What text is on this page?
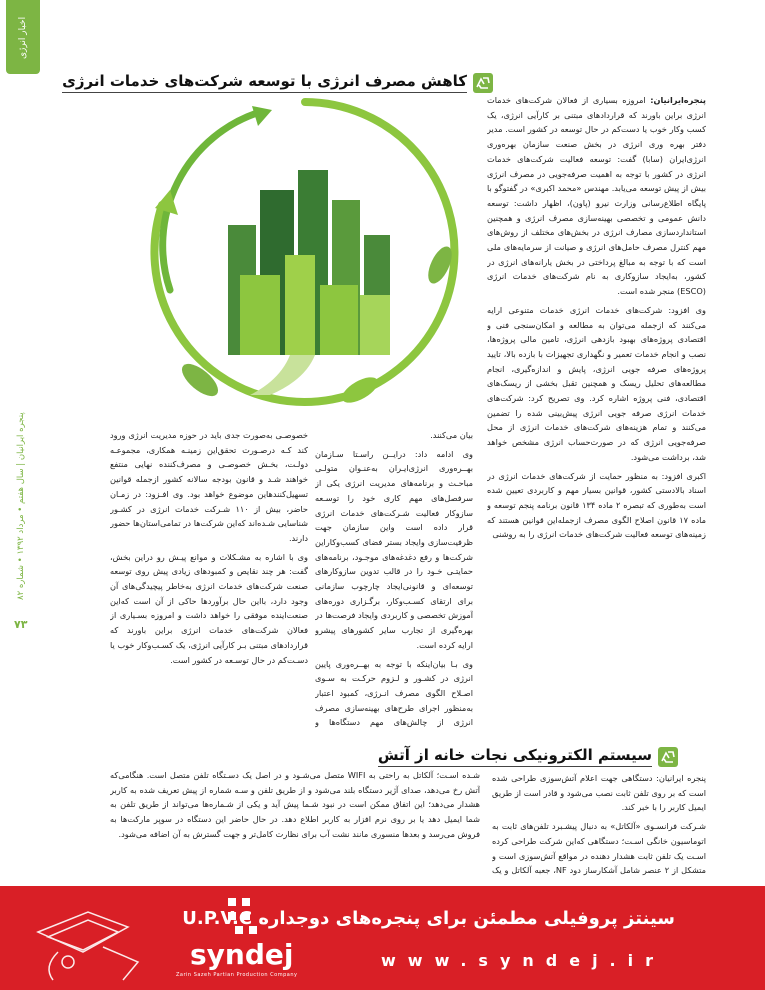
اخبار انرژی
پنجره ایرانیان | سال هفتم • مرداد ۱۳۹۲ • شماره ۸۲
۷۳
کاهش مصرف انرژی با توسعه شرکت‌های خدمات انرژی

پنجره‌ایرانیان: امروزه بسیاری از فعالان شرکت‌های خدمات انرژی براین باورند که قراردادهای مبتنی بر کارآیی انرژی، یک کسب وکار خوب یا دست‌کم در حال توسعه در کشور است. مدیر دفتر بهره وری انرژی در بخش صنعت سازمان بهره‌وری انرژی‌ایران (سابا) گفت: توسعه فعالیت شرکت‌های خدمات انرژی در کشور با توجه به اهمیت صرفه‌جویی در مصرف انرژی بیش از پیش توسعه می‌یابد. مهندس «محمد اکبری» در گفتوگو با پایگاه اطلاع‌رسانی وزارت نیرو (پاون)، اظهار داشت: توسعه دانش عمومی و تخصصی بهینه‌سازی مصرف انرژی و همچنین استانداردسازی مصارف انرژی در بخش‌های مختلف از روش‌های مهم کنترل مصرف حامل‌های انرژی و صیانت از سرمایه‌های ملی است که با توجه به مبالغ پرداختی در بخش یارانه‌های انرژی در کشور، به‌ایجاد سازوکاری به نام شرکت‌های خدمات انرژی (ESCO) منجر شده است.

وی افزود: شرکت‌های خدمات انرژی خدمات متنوعی ارایه می‌کنند که ازجمله می‌توان به مطالعه و امکان‌سنجی فنی و اقتصادی پروژه‌های بهبود بازدهی انرژی، تامین مالی پروژه‌ها، نصب و انجام خدمات تعمیر و نگهداری تجهیزات با بازده بالا، تایید پروژه‌های صرفه جویی انرژی، پایش و اندازه‌گیری، انجام مطالعه‌های تحلیل ریسک و همچنین تقبل بخشی از ریسک‌های اقتصادی، فنی پروژه اشاره کرد. وی تصریح کرد: شرکت‌های خدمات انرژی صرفه جویی انرژی پیش‌بینی شده را تضمین می‌کنند و تمام هزینه‌های شرکت‌های خدمات انرژی از محل صرفه‌جویی انرژی که در صورت‌حساب انرژی مشخص خواهد شد، برداشت می‌شود.

اکبری افزود: به منظور حمایت از شرکت‌های خدمات انرژی در اسناد بالادستی کشور، قوانین بسیار مهم و کاربردی تعیین شده است به‌طوری که تبصره ۲ ماده ۱۳۴ قانون برنامه پنجم توسعه و ماده ۱۷ قانون اصلاح الگوی مصرف ازجمله‌این قوانین هستند که زمینه‌های توسعه فعالیت شرکت‌های خدمات انرژی را به روشنی

بیان می‌کنند.

وی ادامه داد: درایــن راسـتا سـازمان بهــره‌وری انرژی‌ایـران به‌عنـوان متولـی مباحـث و برنامه‌های مدیریت انرژی یکی از سرفصل‌های مهم کاری خود را توسـعه سازوکار فعالیت شـرکت‌های خدمات انرژی قرار داده است واین سازمان جهت ظرفیت‌سازی وایجاد بستر فضای کسب‌وکاراین شرکت‌ها و رفع دغدغه‌های موجـود، برنامه‌های حمایتـی خـود را در قالب تدوین سازوکارهای توسعه‌ای و قانونی‌ایجاد چارچوب سازمانی برای ارتقای کسـب‌وکار، برگـزاری دوره‌های آموزش تخصصی و کاربردی وایجاد فرصت‌ها در بهره‌گیری از تجارب سایر کشورهای پیشرو ارایه کرده است.

وی بـا بیان‌اینکه با توجه به بهــره‌وری پایین انرژی در کشـور و لـزوم حرکـت به سـوی اصـلاح الگوی مصرف انـرژی، کمبود اعتبار به‌منظور اجرای طرح‌های بهینه‌سازی مصرف انرژی از چالش‌های مهم دستگاه‌ها و

خصوصـی به‌صورت جدی باید در حوزه مدیریت انرژی ورود کند کـه درصـورت تحقق‌این زمینـه همکاری، مجموعـه دولـت، بخـش خصوصـی و مصرف‌کننده نهایی منتفع خواهند شـد و قانون بودجه سالانه کشور ازجمله قوانین تسهیل‌کنندهاین موضوع خواهد بود. وی افـزود: در زمـان حاضر، بیش از ۱۱۰ شـرکت خدمات انرژی در کشـور شناسایی شـده‌اند که‌این شرکت‌ها در تمامی‌استان‌ها حضور دارند.

وی با اشاره به مشـکلات و موانع پیـش رو دراین بخش، گفت: هر چند نقایص و کمبودهای زیادی پیش روی توسعه صنعت شرکت‌های خدمات انرژی به‌خاطر پیچیدگی‌های آن وجود دارد، بااین حال برآوردها حاکی از آن است که‌این صنعت‌اینده موفقی را خواهد داشت و امروزه بسـیاری از فعالان شرکت‌های خدمات انرژی براین باورند که قراردادهای مبتنی بـر کارآیی انرژی، یک کسـب‌وکار خوب یا دسـت‌کم در حال توسـعه در کشور است.

سیستم الکترونیکی نجات خانه از آتش

پنجره ایرانیان: دستگاهی جهت اعلام آتش‌سوزی طراحی شده است که بر روی تلفن ثابت نصب می‌شود و قادر است از طریق ایمیل کاربر را با خبر کند.

شـرکت فرانسـوی «آلکاتل» به دنبال پیشـبرد تلفن‌های ثابت به اتوماسیون خانگی اسـت؛ دستگاهی که‌این شرکت طراحی کرده اسـت یک تلفن ثابت هشدار دهنده در مواقع آتش‌سوزی است و متشکل از ۲ عنصر شامل آشکارساز دود NF، جعبه آلکاتل و یک

شـده اسـت؛ آلکاتل به راحتی به WIFI متصل می‌شـود و در اصل یک دسـتگاه تلفن متصل است. هنگامی‌که آتش رخ می‌دهد، صدای آژیر دستگاه بلند می‌شود و از طریق تلفن و سـه شماره از پیش تعریف شده به کاربر هشدار می‌دهد؛ این اتفاق ممکن است در نبود شـما پیش آید و یکی از شـماره‌ها می‌تواند از طریق تلفن به شما ایمیل دهد یا بر روی نرم افزار به کاربر اطلاع دهد. در حال حاضر این دستگاه در سوپر مارکت‌ها به فروش می‌رسد و بعدها منسوری مانند نشت آب برای نظارت کامل‌تر و جهت گسترش به آن اضافه می‌شود.

syndej
Zarin Sazeh Partian Production Company
سینتز پروفیلی مطمئن برای پنجره‌های دوجداره U.P.V.C
www.syndej.ir
